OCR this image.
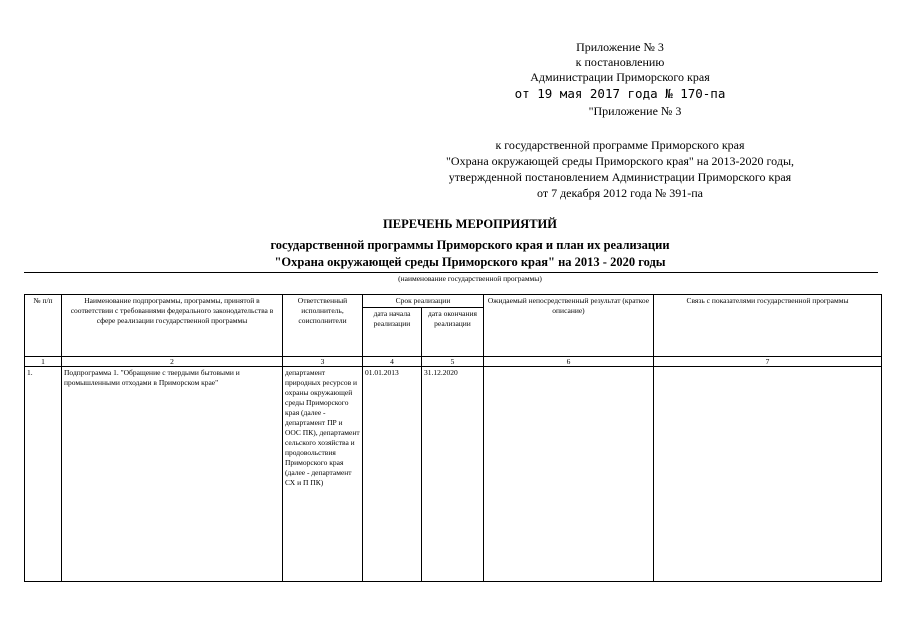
Приложение № 3
к постановлению
Администрации Приморского края
от 19 мая 2017 года № 170-па
"Приложение № 3
к государственной программе Приморского края
"Охрана окружающей среды Приморского края" на 2013-2020 годы,
утвержденной постановлением Администрации Приморского края
от 7 декабря 2012 года № 391-па
ПЕРЕЧЕНЬ МЕРОПРИЯТИЙ
государственной программы Приморского края и план их реализации
"Охрана окружающей среды Приморского края" на 2013 - 2020 годы
(наименование государственной программы)
№ п/п	Наименование подпрограммы, программы, принятой в соответствии с требованиями федерального законодательства в сфере реализации государственной программы	Ответственный исполнитель, соисполнители	Срок реализации		Ожидаемый непосредственный результат (краткое описание)	Связь с показателями государственной программы
			дата начала реализации	дата окончания реализации		
1	2	3	4	5	6	7
1.	Подпрограмма 1. "Обращение с твердыми бытовыми и промышленными отходами в Приморском крае"	департамент природных ресурсов и охраны окружающей среды Приморского края (далее - департамент ПР и ООС ПК), департамент сельского хозяйства и продовольствия Приморского края (далее - департамент СХ и П ПК)	01.01.2013	31.12.2020		
